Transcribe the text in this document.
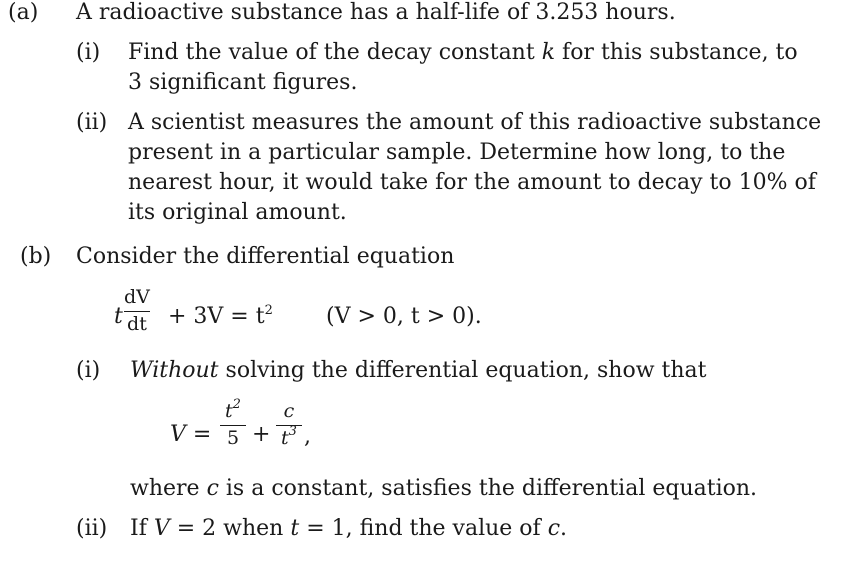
(a) A radioactive substance has a half-life of 3.253 hours.
(i) Find the value of the decay constant k for this substance, to
3 significant figures.
(ii) A scientist measures the amount of this radioactive substance
present in a particular sample. Determine how long, to the
nearest hour, it would take for the amount to decay to 10% of
its original amount.
(b) Consider the differential equation
t
dV
dt + $3V = t^2$ (V > 0, t > 0).
(i) Without solving the differential equation, show that
V =
$t^2$
5 +
c
$t^3$ ,
where c is a constant, satisfies the differential equation.
(ii) If V = 2 when t = 1, find the value of c.
